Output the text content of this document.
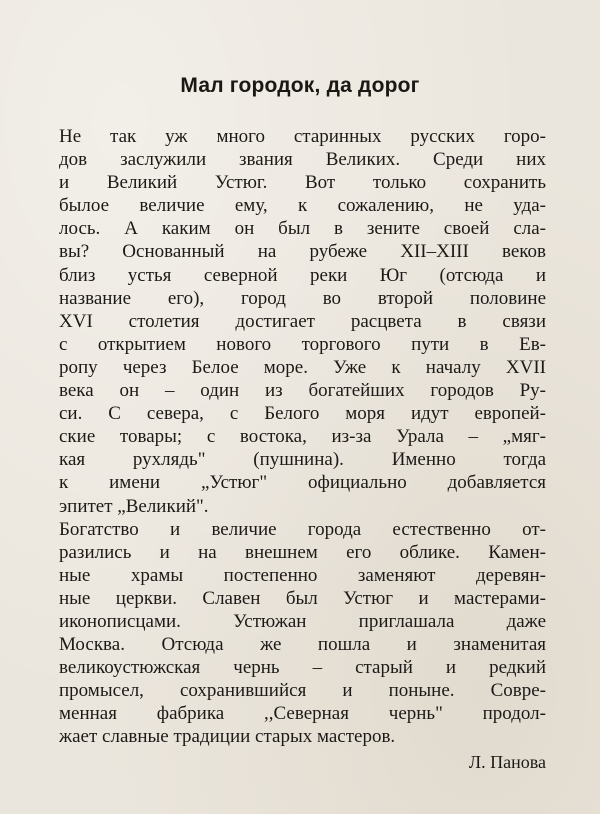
Мал городок, да дорог
Не так уж много старинных русских горо-
дов заслужили звания Великих. Среди них
и Великий Устюг. Вот только сохранить
былое величие ему, к сожалению, не уда-
лось. А каким он был в зените своей сла-
вы? Основанный на рубеже XII–XIII веков
близ устья северной реки Юг (отсюда и
название его), город во второй половине
XVI столетия достигает расцвета в связи
с открытием нового торгового пути в Ев-
ропу через Белое море. Уже к началу XVII
века он – один из богатейших городов Ру-
си. С севера, с Белого моря идут европей-
ские товары; с востока, из-за Урала – „мяг-
кая рухлядь" (пушнина). Именно тогда
к имени „Устюг" официально добавляется
эпитет „Великий".
Богатство и величие города естественно от-
разились и на внешнем его облике. Камен-
ные храмы постепенно заменяют деревян-
ные церкви. Славен был Устюг и мастерами-
иконописцами. Устюжан приглашала даже
Москва. Отсюда же пошла и знаменитая
великоустюжская чернь – старый и редкий
промысел, сохранившийся и поныне. Совре-
менная фабрика ,,Северная чернь" продол-
жает славные традиции старых мастеров.
Л. Панова
